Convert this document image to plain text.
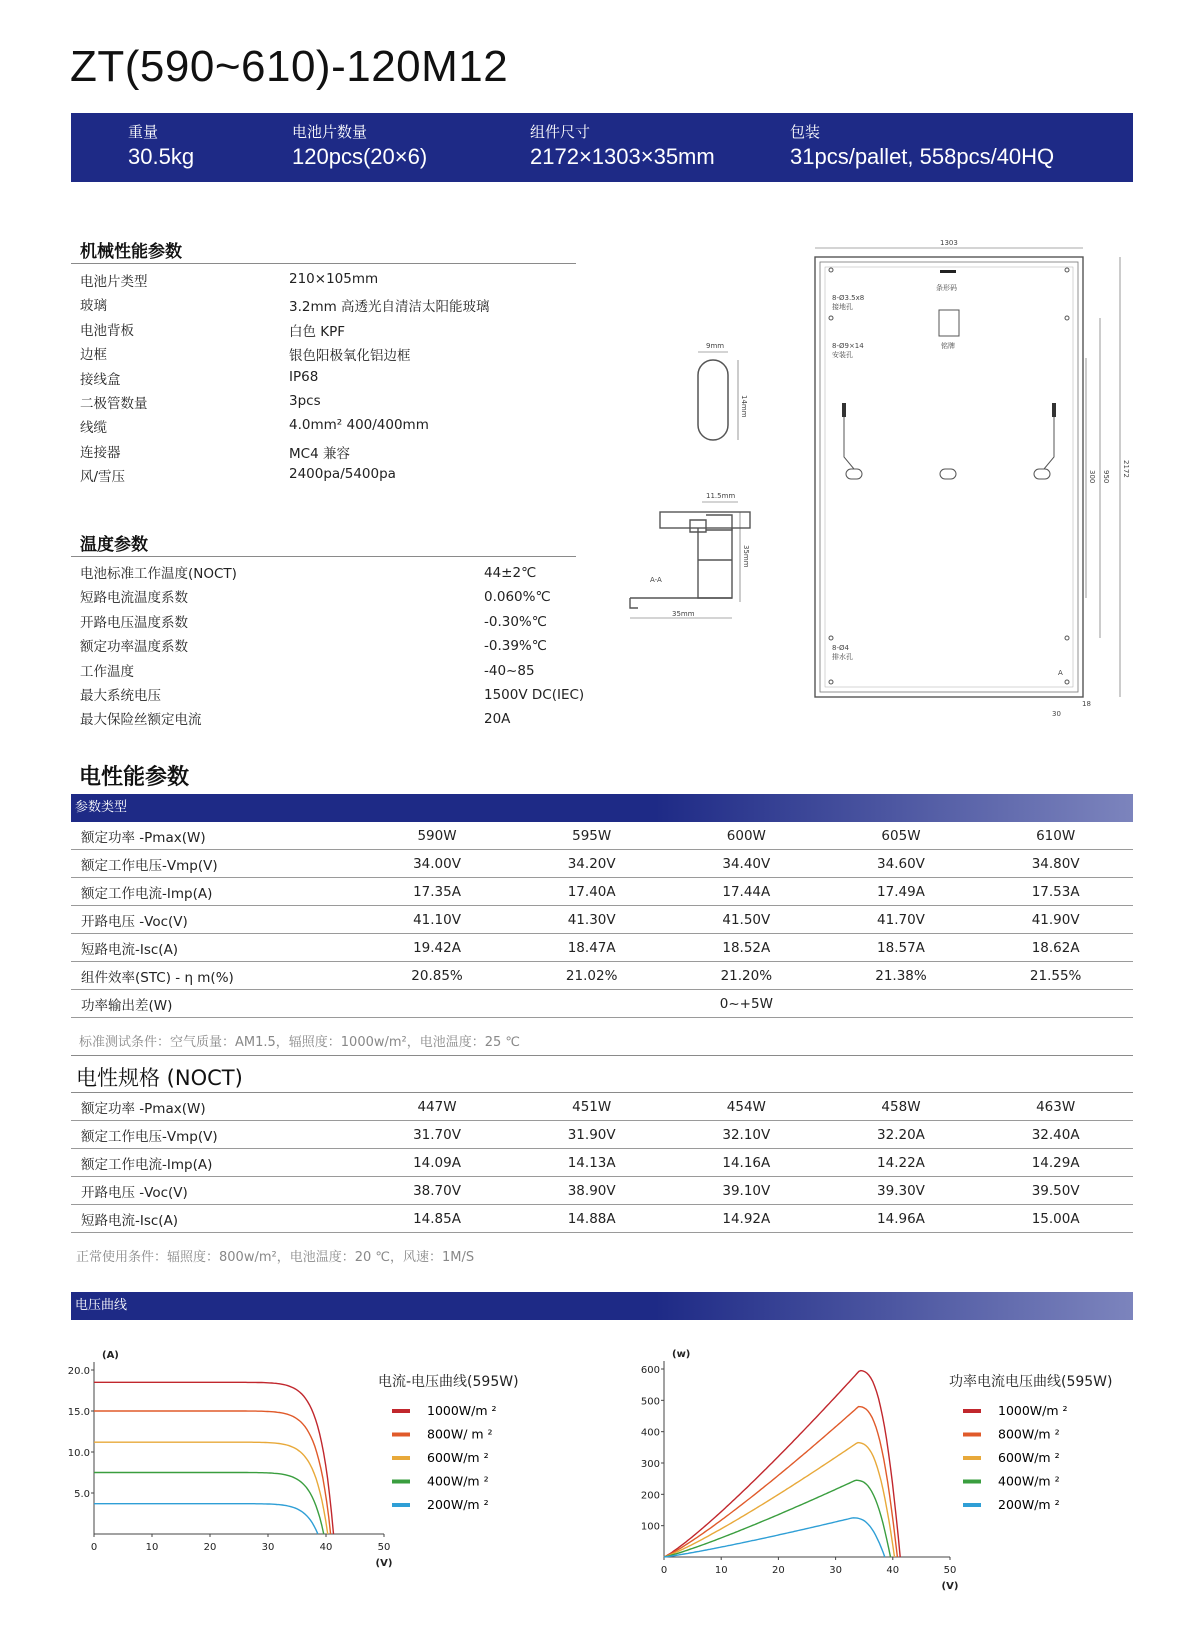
ZT(590~610)-120M12
重量
30.5kg
电池片数量
120pcs(20×6)
组件尺寸
2172×1303×35mm
包装
31pcs/pallet, 558pcs/40HQ
机械性能参数
电池片类型	210×105mm
玻璃	3.2mm 高透光自清洁太阳能玻璃
电池背板	白色 KPF
边框	银色阳极氧化铝边框
接线盒	IP68
二极管数量	3pcs
线缆	4.0mm² 400/400mm
连接器	MC4 兼容
风/雪压	2400pa/5400pa
温度参数
电池标准工作温度(NOCT)	44±2℃
短路电流温度系数	0.060%℃
开路电压温度系数	-0.30%℃
额定功率温度系数	-0.39%℃
工作温度	-40~85
最大系统电压	1500V DC(IEC)
最大保险丝额定电流	20A
9mm
14mm
11.5mm
35mm
35mm
A-A
1303
2172
950
300
8-Ø3.5x8
接地孔
8-Ø9×14
安装孔
8-Ø4
排水孔
条形码
铭牌
18
30
A
电性能参数
参数类型
额定功率 -Pmax(W)	590W	595W	600W	605W	610W
额定工作电压-Vmp(V)	34.00V	34.20V	34.40V	34.60V	34.80V
额定工作电流-Imp(A)	17.35A	17.40A	17.44A	17.49A	17.53A
开路电压 -Voc(V)	41.10V	41.30V	41.50V	41.70V	41.90V
短路电流-Isc(A)	19.42A	18.47A	18.52A	18.57A	18.62A
组件效率(STC) - η m(%)	20.85%	21.02%	21.20%	21.38%	21.55%
功率输出差(W)	0~+5W				
标准测试条件：空气质量：AM1.5，辐照度：1000w/m²，电池温度：25 ℃
电性规格 (NOCT)
额定功率 -Pmax(W)	447W	451W	454W	458W	463W
额定工作电压-Vmp(V)	31.70V	31.90V	32.10V	32.20A	32.40A
额定工作电流-Imp(A)	14.09A	14.13A	14.16A	14.22A	14.29A
开路电压 -Voc(V)	38.70V	38.90V	39.10V	39.30V	39.50V
短路电流-Isc(A)	14.85A	14.88A	14.92A	14.96A	15.00A
正常使用条件：辐照度：800w/m²，电池温度：20 ℃，风速：1M/S
电压曲线
0	10	20	30	40	50
5.0
10.0
15.0
20.0
(A)
(V)
1000W/m ²
800W/ m ²
600W/m ²
400W/m ²
200W/m ²
电流-电压曲线(595W)
0	10	20	30	40	50
100
200
300
400
500
600
(w)
(V)
1000W/m ²
800W/m ²
600W/m ²
400W/m ²
200W/m ²
功率电流电压曲线(595W)
